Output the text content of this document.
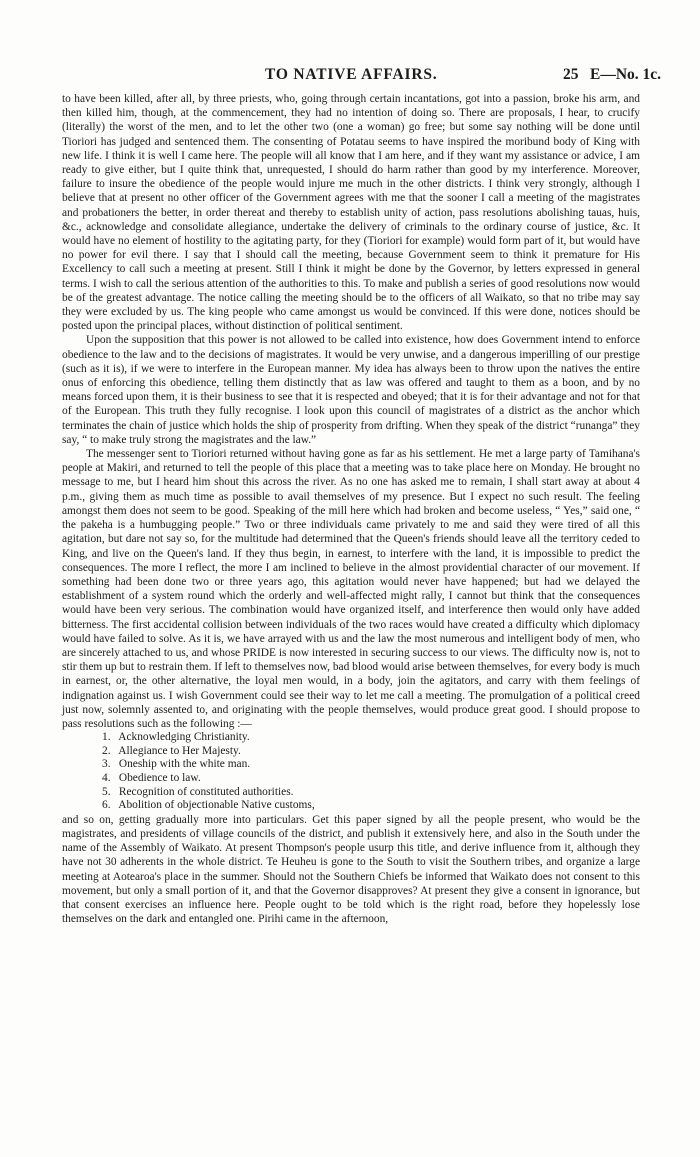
TO NATIVE AFFAIRS.	25 E—No. 1c.

to have been killed, after all, by three priests, who, going through certain incantations, got into a passion, broke his arm, and then killed him, though, at the commencement, they had no intention of doing so. There are proposals, I hear, to crucify (literally) the worst of the men, and to let the other two (one a woman) go free; but some say nothing will be done until Tioriori has judged and sentenced them. The consenting of Potatau seems to have inspired the moribund body of King with new life. I think it is well I came here. The people will all know that I am here, and if they want my assistance or advice, I am ready to give either, but I quite think that, unrequested, I should do harm rather than good by my interference. Moreover, failure to insure the obedience of the people would injure me much in the other districts. I think very strongly, although I believe that at present no other officer of the Government agrees with me that the sooner I call a meeting of the magistrates and probationers the better, in order thereat and thereby to establish unity of action, pass resolutions abolishing tauas, huis, &c., acknowledge and consolidate allegiance, undertake the delivery of criminals to the ordinary course of justice, &c. It would have no element of hostility to the agitating party, for they (Tioriori for example) would form part of it, but would have no power for evil there. I say that I should call the meeting, because Government seem to think it premature for His Excellency to call such a meeting at present. Still I think it might be done by the Governor, by letters expressed in general terms. I wish to call the serious attention of the authorities to this. To make and publish a series of good resolutions now would be of the greatest advantage. The notice calling the meeting should be to the officers of all Waikato, so that no tribe may say they were excluded by us. The king people who came amongst us would be convinced. If this were done, notices should be posted upon the principal places, without distinction of political sentiment.

Upon the supposition that this power is not allowed to be called into existence, how does Government intend to enforce obedience to the law and to the decisions of magistrates. It would be very unwise, and a dangerous imperilling of our prestige (such as it is), if we were to interfere in the European manner. My idea has always been to throw upon the natives the entire onus of enforcing this obedience, telling them distinctly that as law was offered and taught to them as a boon, and by no means forced upon them, it is their business to see that it is respected and obeyed; that it is for their advantage and not for that of the European. This truth they fully recognise. I look upon this council of magistrates of a district as the anchor which terminates the chain of justice which holds the ship of prosperity from drifting. When they speak of the district “runanga” they say, “ to make truly strong the magistrates and the law.”

The messenger sent to Tioriori returned without having gone as far as his settlement. He met a large party of Tamihana's people at Makiri, and returned to tell the people of this place that a meeting was to take place here on Monday. He brought no message to me, but I heard him shout this across the river. As no one has asked me to remain, I shall start away at about 4 p.m., giving them as much time as possible to avail themselves of my presence. But I expect no such result. The feeling amongst them does not seem to be good. Speaking of the mill here which had broken and become useless, “ Yes,” said one, “ the pakeha is a humbugging people.” Two or three individuals came privately to me and said they were tired of all this agitation, but dare not say so, for the multitude had determined that the Queen's friends should leave all the territory ceded to King, and live on the Queen's land. If they thus begin, in earnest, to interfere with the land, it is impossible to predict the consequences. The more I reflect, the more I am inclined to believe in the almost providential character of our movement. If something had been done two or three years ago, this agitation would never have happened; but had we delayed the establishment of a system round which the orderly and well-affected might rally, I cannot but think that the consequences would have been very serious. The combination would have organized itself, and interference then would only have added bitterness. The first accidental collision between individuals of the two races would have created a difficulty which diplomacy would have failed to solve. As it is, we have arrayed with us and the law the most numerous and intelligent body of men, who are sincerely attached to us, and whose PRIDE is now interested in securing success to our views. The difficulty now is, not to stir them up but to restrain them. If left to themselves now, bad blood would arise between themselves, for every body is much in earnest, or, the other alternative, the loyal men would, in a body, join the agitators, and carry with them feelings of indignation against us. I wish Government could see their way to let me call a meeting. The promulgation of a political creed just now, solemnly assented to, and originating with the people themselves, would produce great good. I should propose to pass resolutions such as the following :—

1. Acknowledging Christianity.
2. Allegiance to Her Majesty.
3. Oneship with the white man.
4. Obedience to law.
5. Recognition of constituted authorities.
6. Abolition of objectionable Native customs,

and so on, getting gradually more into particulars. Get this paper signed by all the people present, who would be the magistrates, and presidents of village councils of the district, and publish it extensively here, and also in the South under the name of the Assembly of Waikato. At present Thompson's people usurp this title, and derive influence from it, although they have not 30 adherents in the whole district. Te Heuheu is gone to the South to visit the Southern tribes, and organize a large meeting at Aotearoa's place in the summer. Should not the Southern Chiefs be informed that Waikato does not consent to this movement, but only a small portion of it, and that the Governor disapproves? At present they give a consent in ignorance, but that consent exercises an influence here. People ought to be told which is the right road, before they hopelessly lose themselves on the dark and entangled one. Pirihi came in the afternoon,
